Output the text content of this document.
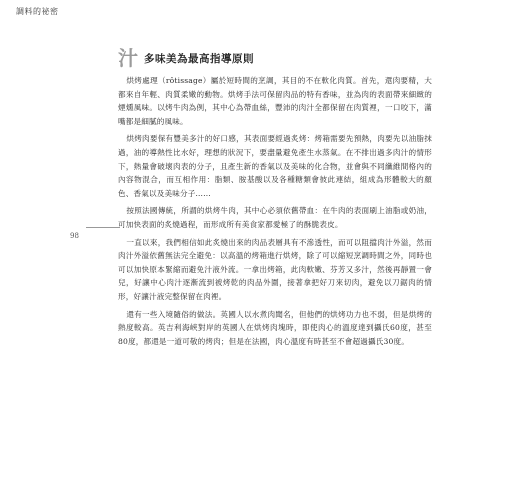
調料的祕密
汁 多味美為最高指導原則
98

烘烤處理（rôtissage）屬於短時間的烹調，其目的不在軟化肉質。首先，還肉要精，大都來自年輕、肉質柔嫩的動物。烘烤手法可保留肉品的特有香味，並為肉的表面帶來細緻的煙燻風味。以烤牛肉為例，其中心為帶血絲，豐沛的肉汁全都保留在肉質裡，一口咬下，滿嘴都是細膩的風味。

烘烤肉要保有豐美多汁的好口感，其表面要經過炙烤：烤箱需要先預熱，肉要先以油脂抹過，油的導熱性比水好，理想的狀況下，要盡量避免產生水蒸氣。在不排出過多肉汁的情形下，熱量會破壞肉表的分子，且產生新的香氣以及美味的化合物，並會與不同纖維間格內的內容物混合，而互相作用：脂類、胺基酸以及各種糖類會彼此連結，組成為形體較大的顏色、香氣以及美味分子……

按照法國傳統，所謂的烘烤牛肉，其中心必須依舊帶血：在牛肉的表面刷上油脂或奶油，可加快表面的炙燒過程，而形成所有美食家都愛極了的酥脆表皮。

一直以來，我們相信如此炙燒出來的肉品表層具有不滲透性，而可以阻擋肉汁外溢，然而肉汁外溢依舊無法完全避免：以高溫的烤箱進行烘烤，除了可以縮短烹調時間之外，同時也可以加快原本緊縮而避免汁液外流。一拿出烤箱，此肉軟嫩、芬芳又多汁，然後再靜置一會兒，好讓中心肉汁逐漸流到被烤乾的肉品外圍，接著拿把好刀來切肉，避免以刀鋸肉的情形，好讓汁液完整保留在肉裡。

還有一些入境隨俗的做法。英國人以水煮肉聞名，但他們的烘烤功力也不弱，但是烘烤的熱度較高。英吉利海峽對岸的英國人在烘烤肉塊時，即使肉心的溫度達到攝氏60度，甚至80度，都還是一道可敬的烤肉；但是在法國，肉心溫度有時甚至不會超過攝氏30度。
